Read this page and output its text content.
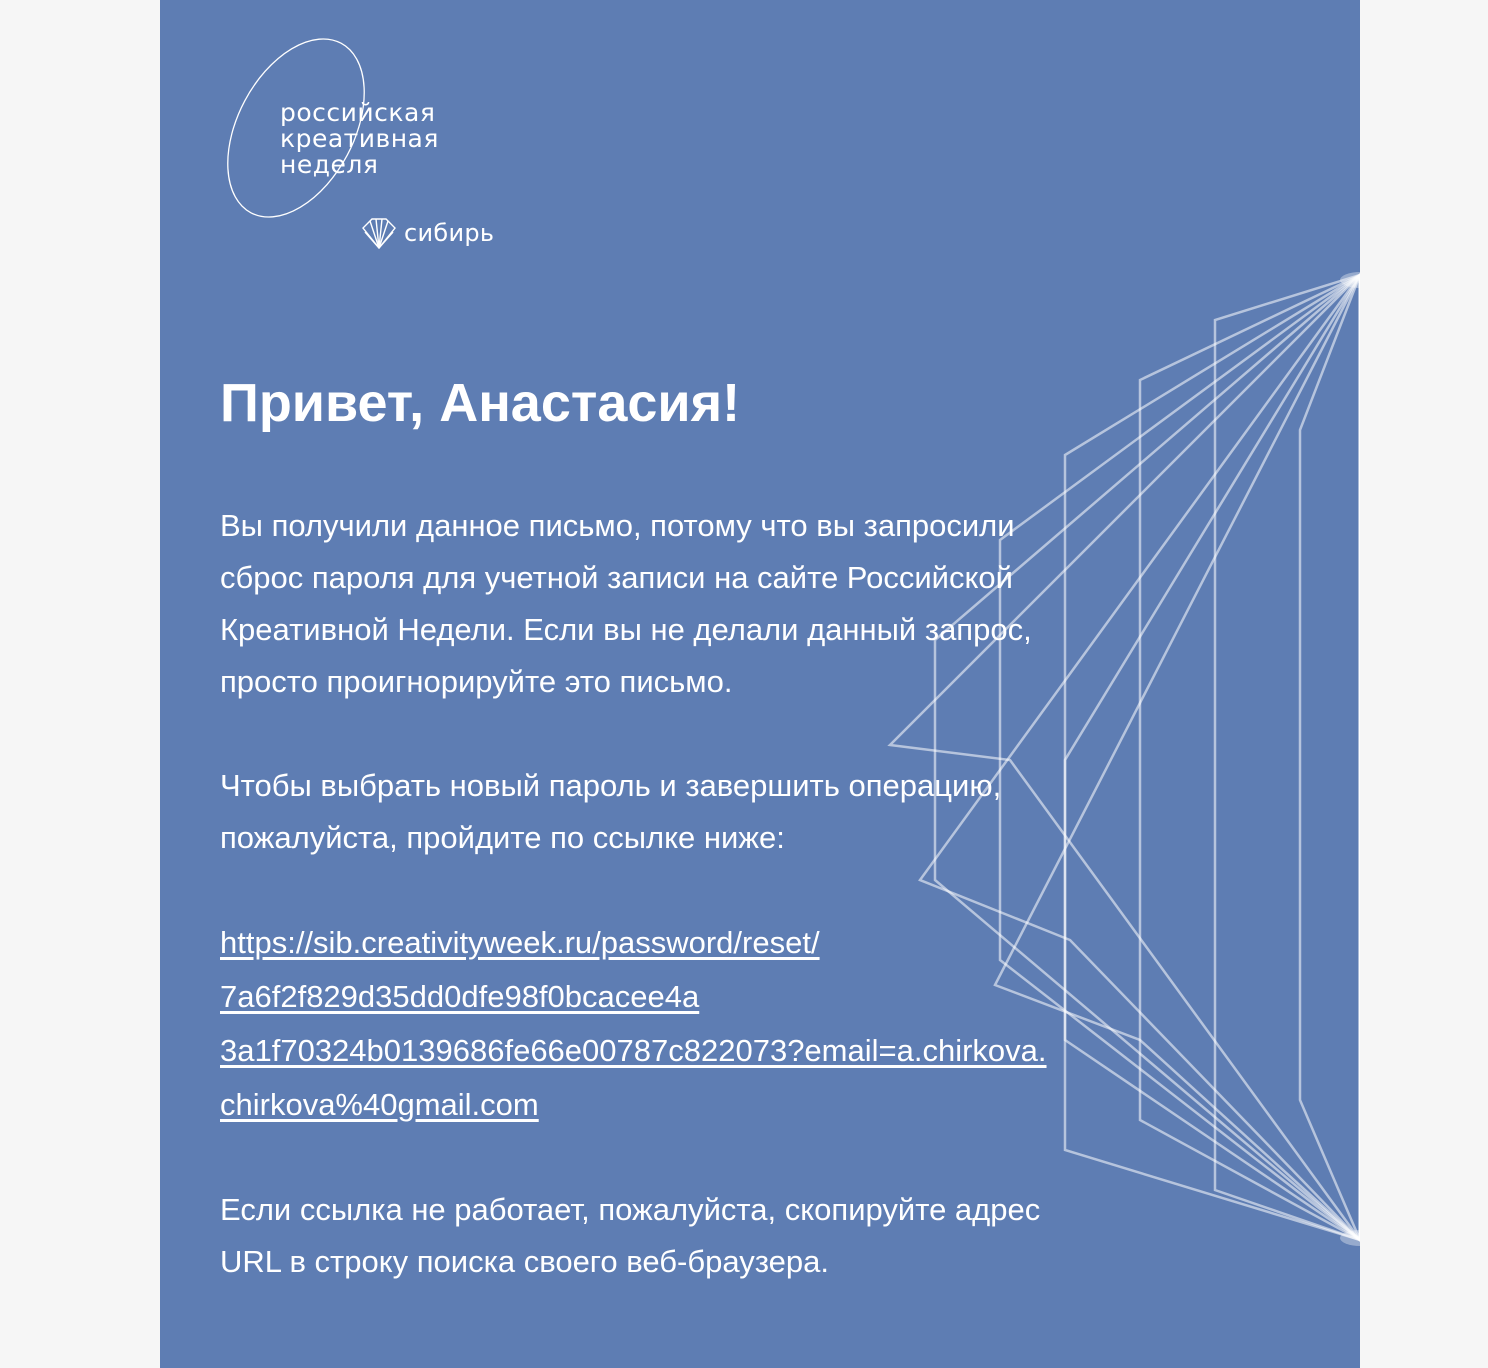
российская
креативная
неделя
сибирь
Привет, Анастасия!
Вы получили данное письмо, потому что вы запросили
сброс пароля для учетной записи на сайте Российской
Креативной Недели. Если вы не делали данный запрос,
просто проигнорируйте это письмо.
Чтобы выбрать новый пароль и завершить операцию,
пожалуйста, пройдите по ссылке ниже:
https://sib.creativityweek.ru/password/reset/
7a6f2f829d35dd0dfe98f0bcacee4a
3a1f70324b0139686fe66e00787c822073?email=a.chirkova.
chirkova%40gmail.com
Если ссылка не работает, пожалуйста, скопируйте адрес
URL в строку поиска своего веб-браузера.
